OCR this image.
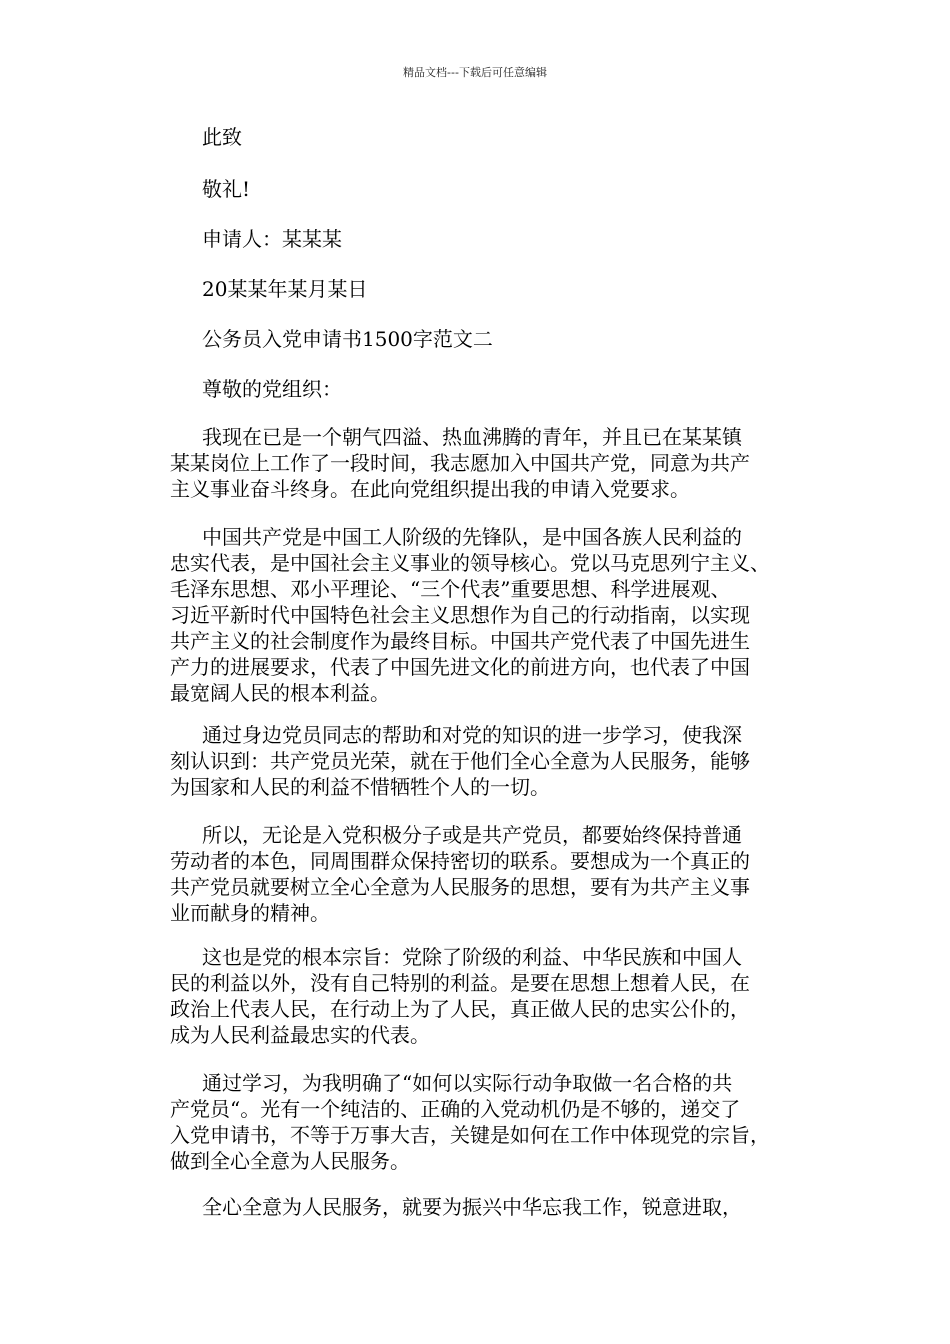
精品文档---下载后可任意编辑
此致
敬礼!
申请人：某某某
20某某年某月某日
公务员入党申请书1500字范文二
尊敬的党组织：
我现在已是一个朝气四溢、热血沸腾的青年，并且已在某某镇
某某岗位上工作了一段时间，我志愿加入中国共产党，同意为共产
主义事业奋斗终身。在此向党组织提出我的申请入党要求。
中国共产党是中国工人阶级的先锋队，是中国各族人民利益的
忠实代表，是中国社会主义事业的领导核心。党以马克思列宁主义、
毛泽东思想、邓小平理论、“三个代表”重要思想、科学进展观、
习近平新时代中国特色社会主义思想作为自己的行动指南，以实现
共产主义的社会制度作为最终目标。中国共产党代表了中国先进生
产力的进展要求，代表了中国先进文化的前进方向，也代表了中国
最宽阔人民的根本利益。
通过身边党员同志的帮助和对党的知识的进一步学习，使我深
刻认识到：共产党员光荣，就在于他们全心全意为人民服务，能够
为国家和人民的利益不惜牺牲个人的一切。
所以，无论是入党积极分子或是共产党员，都要始终保持普通
劳动者的本色，同周围群众保持密切的联系。要想成为一个真正的
共产党员就要树立全心全意为人民服务的思想，要有为共产主义事
业而献身的精神。
这也是党的根本宗旨：党除了阶级的利益、中华民族和中国人
民的利益以外，没有自己特别的利益。是要在思想上想着人民，在
政治上代表人民，在行动上为了人民，真正做人民的忠实公仆的，
成为人民利益最忠实的代表。
通过学习，为我明确了“如何以实际行动争取做一名合格的共
产党员“。光有一个纯洁的、正确的入党动机仍是不够的，递交了
入党申请书，不等于万事大吉，关键是如何在工作中体现党的宗旨，
做到全心全意为人民服务。
全心全意为人民服务，就要为振兴中华忘我工作，锐意进取，
